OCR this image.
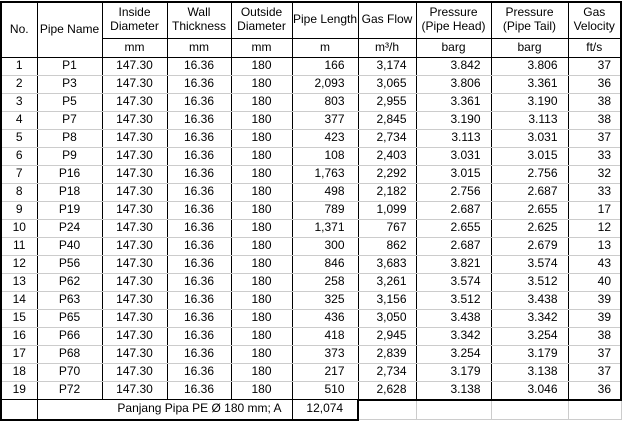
No.	Pipe Name	Inside Diameter	Wall Thickness	Outside Diameter	Pipe Length	Gas Flow	Pressure (Pipe Head)	Pressure (Pipe Tail)	Gas Velocity
		mm	mm	mm	m	m³/h	barg	barg	ft/s
1	P1	147.30	16.36	180	166	3,174	3.842	3.806	37
2	P3	147.30	16.36	180	2,093	3,065	3.806	3.361	36
3	P5	147.30	16.36	180	803	2,955	3.361	3.190	38
4	P7	147.30	16.36	180	377	2,845	3.190	3.113	38
5	P8	147.30	16.36	180	423	2,734	3.113	3.031	37
6	P9	147.30	16.36	180	108	2,403	3.031	3.015	33
7	P16	147.30	16.36	180	1,763	2,292	3.015	2.756	32
8	P18	147.30	16.36	180	498	2,182	2.756	2.687	33
9	P19	147.30	16.36	180	789	1,099	2.687	2.655	17
10	P24	147.30	16.36	180	1,371	767	2.655	2.625	12
11	P40	147.30	16.36	180	300	862	2.687	2.679	13
12	P56	147.30	16.36	180	846	3,683	3.821	3.574	43
13	P62	147.30	16.36	180	258	3,261	3.574	3.512	40
14	P63	147.30	16.36	180	325	3,156	3.512	3.438	39
15	P65	147.30	16.36	180	436	3,050	3.438	3.342	39
16	P66	147.30	16.36	180	418	2,945	3.342	3.254	38
17	P68	147.30	16.36	180	373	2,839	3.254	3.179	37
18	P70	147.30	16.36	180	217	2,734	3.179	3.138	37
19	P72	147.30	16.36	180	510	2,628	3.138	3.046	36
	Panjang Pipa PE Ø 180 mm; A				12,074				
